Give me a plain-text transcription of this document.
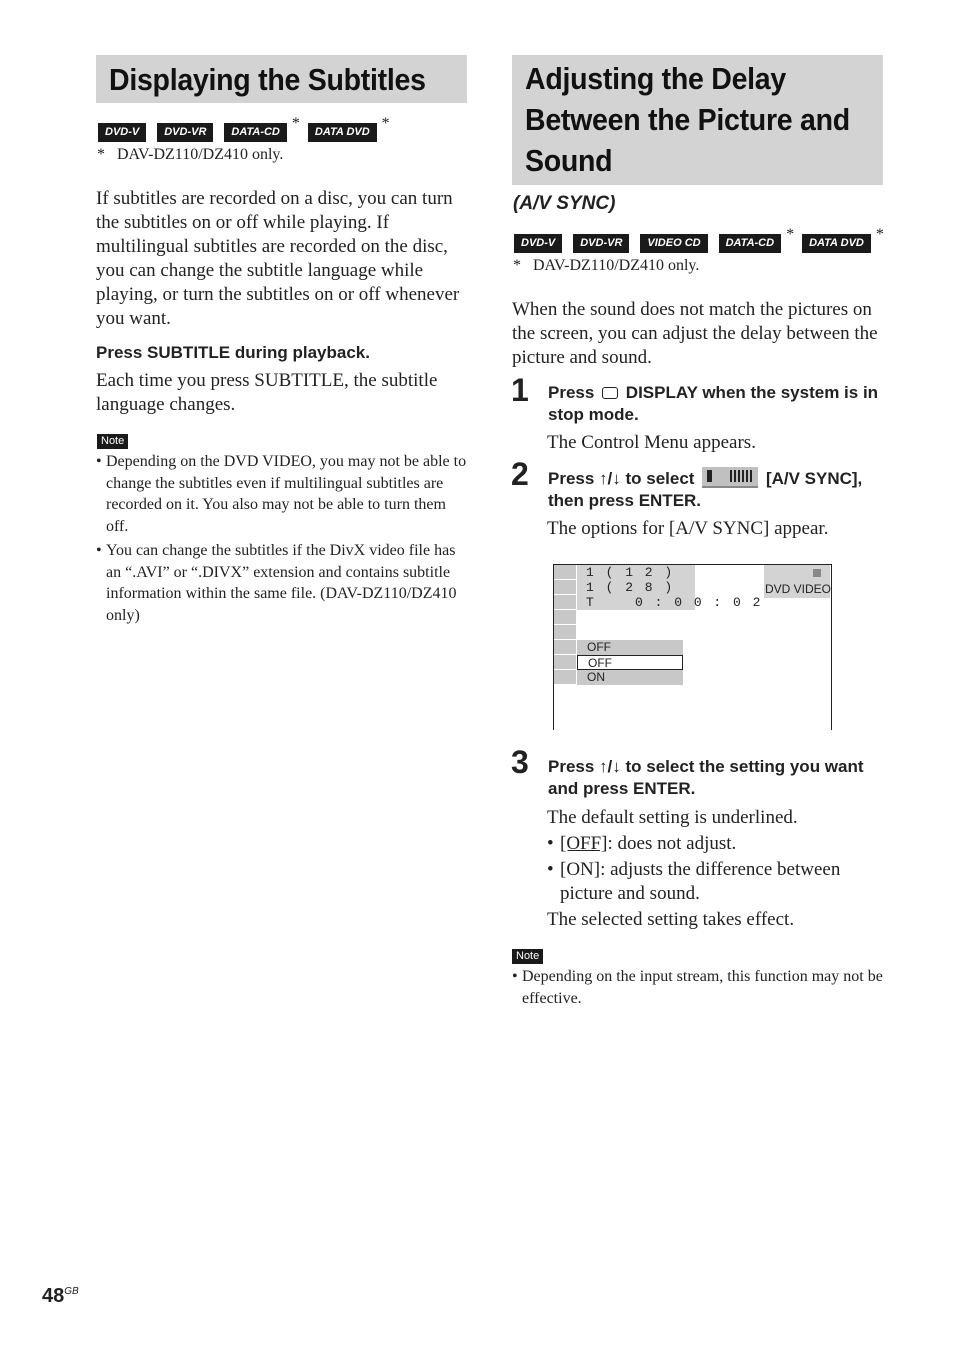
Displaying the Subtitles
DVD-V	DVD-VR	DATA-CD *	DATA DVD *
*   DAV-DZ110/DZ410 only.

If subtitles are recorded on a disc, you can turn the subtitles on or off while playing. If multilingual subtitles are recorded on the disc, you can change the subtitle language while playing, or turn the subtitles on or off whenever you want.

Press SUBTITLE during playback.

Each time you press SUBTITLE, the subtitle language changes.

Note
• Depending on the DVD VIDEO, you may not be able to change the subtitles even if multilingual subtitles are recorded on it. You also may not be able to turn them off.
• You can change the subtitles if the DivX video file has an “.AVI” or “.DIVX” extension and contains subtitle information within the same file. (DAV-DZ110/DZ410 only)
Adjusting the Delay
Between the Picture and
Sound
(A/V SYNC)
DVD-V	DVD-VR	VIDEO CD	DATA-CD *	DATA DVD *
*   DAV-DZ110/DZ410 only.

When the sound does not match the pictures on the screen, you can adjust the delay between the picture and sound.

1 Press DISPLAY when the system is in stop mode.

The Control Menu appears.

2 Press ↑/↓ to select	[A/V SYNC], then press ENTER.

The options for [A/V SYNC] appear.

1 ( 1 2 )
1 ( 2 8 )
T    0 : 0 0 : 0 2
DVD VIDEO
OFF
OFF
ON
3 Press ↑/↓ to select the setting you want and press ENTER.

The default setting is underlined.

• [OFF]: does not adjust.

• [ON]: adjusts the difference between picture and sound.

The selected setting takes effect.

Note
• Depending on the input stream, this function may not be effective.
$48^{GB}$
